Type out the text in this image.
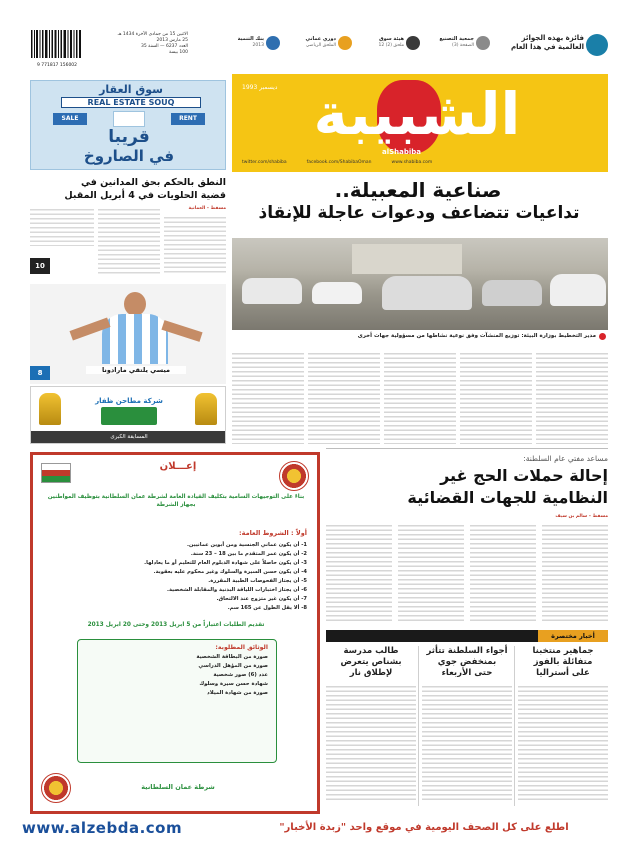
9 771817 156002
الاثنين 15 من جمادى الآخرة 1434 هـ
25 مارس 2013
العدد 6237 — السنة 35
100 بيسة
بنك التنمية
2013
دوري عماني
الملحق الرياضي
هيئة سوق
ملحق (2) 12
جمعية التصنيع
الصفحة (3)
فائزة بهذه الجوائز العالمية في هذا العام
الشبيبة
alShabiba
ديسمبر 1993
twitter.com/shabiba	facebook.com/ShabibaOman	www.shabiba.com
سوق العقار
REAL ESTATE SOUQ
SALE	RENT
قريبا
في الصاروخ
صناعية المعبيلة..
تداعيات تتضاعف ودعوات عاجلة للإنقاذ
مدير التخطيط بوزارة البيئة: توزيع المنشآت وفق نوعية نشاطها من مسؤولية جهات أخرى
النطق بالحكم بحق المدانين في
قضية الحلويات في 4 أبريل المقبل
مسقط – العمانية
10
ميسي يلتقي مارادونا
8
شركة مطاحن ظفار
المسابقة الكبرى
مساعد مفتي عام السلطنة:
إحالة حملات الحج غير
النظامية للجهات القضائية
مسقط – سالم بن سيف
أخبار مختصرة
جماهير منتخبنا
متفائلة بالفوز
على أستراليا
أجواء السلطنة تتأثر
بمنخفض جوي
حتى الأربعاء
طالب مدرسة
بشناص يتعرض
لإطلاق نار
إعـــلان
بناءً على التوجيهات السامية بتكليف القيادة العامة لشرطة عمان السلطانية بتوظيف المواطنين بجهاز الشرطة
أولاً : الشروط العامة:
1- أن يكون عماني الجنسية ومن أبوين عمانيين.
2- أن يكون عمر المتقدم ما بين 18 – 23 سنة.
3- أن يكون حاصلاً على شهادة الدبلوم العام للتعليم أو ما يعادلها.
4- أن يكون حسن السيرة والسلوك وغير محكوم عليه بعقوبة.
5- أن يجتاز الفحوصات الطبية المقررة.
6- أن يجتاز اختبارات اللياقة البدنية والمقابلة الشخصية.
7- أن يكون غير متزوج عند الالتحاق.
8- ألا يقل الطول عن 165 سم.
تقديم الطلبات اعتباراً من 5 ابريل 2013 وحتى 20 ابريل 2013
الوثائق المطلوبة:
صورة من البطاقة الشخصية
صورة من المؤهل الدراسي
عدد (6) صور شخصية
شهادة حسن سيرة وسلوك
صورة من شهادة الميلاد
شرطة عمان السلطانية
www.alzebda.com	اطلع على كل الصحف اليومية في موقع واحد "زبدة الأخبار"
